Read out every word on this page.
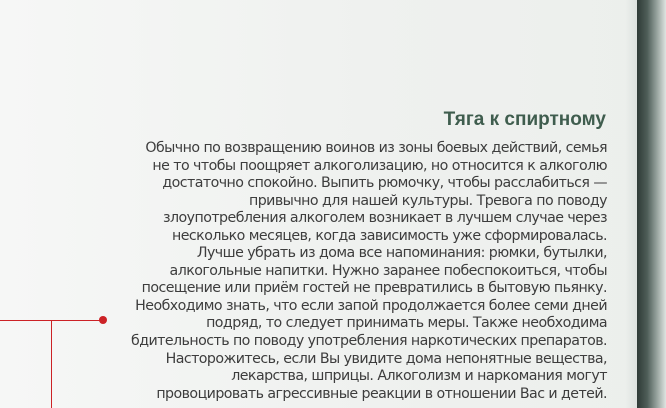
Тяга к спиртному

Обычно по возвращению воинов из зоны боевых действий, семья
не то чтобы поощряет алкоголизацию, но относится к алкоголю
достаточно спокойно. Выпить рюмочку, чтобы расслабиться —
привычно для нашей культуры. Тревога по поводу
злоупотребления алкоголем возникает в лучшем случае через
несколько месяцев, когда зависимость уже сформировалась.
Лучше убрать из дома все напоминания: рюмки, бутылки,
алкогольные напитки. Нужно заранее побеспокоиться, чтобы
посещение или приём гостей не превратились в бытовую пьянку.
Необходимо знать, что если запой продолжается более семи дней
подряд, то следует принимать меры. Также необходима
бдительность по поводу употребления наркотических препаратов.
Насторожитесь, если Вы увидите дома непонятные вещества,
лекарства, шприцы. Алкоголизм и наркомания могут
провоцировать агрессивные реакции в отношении Вас и детей.
